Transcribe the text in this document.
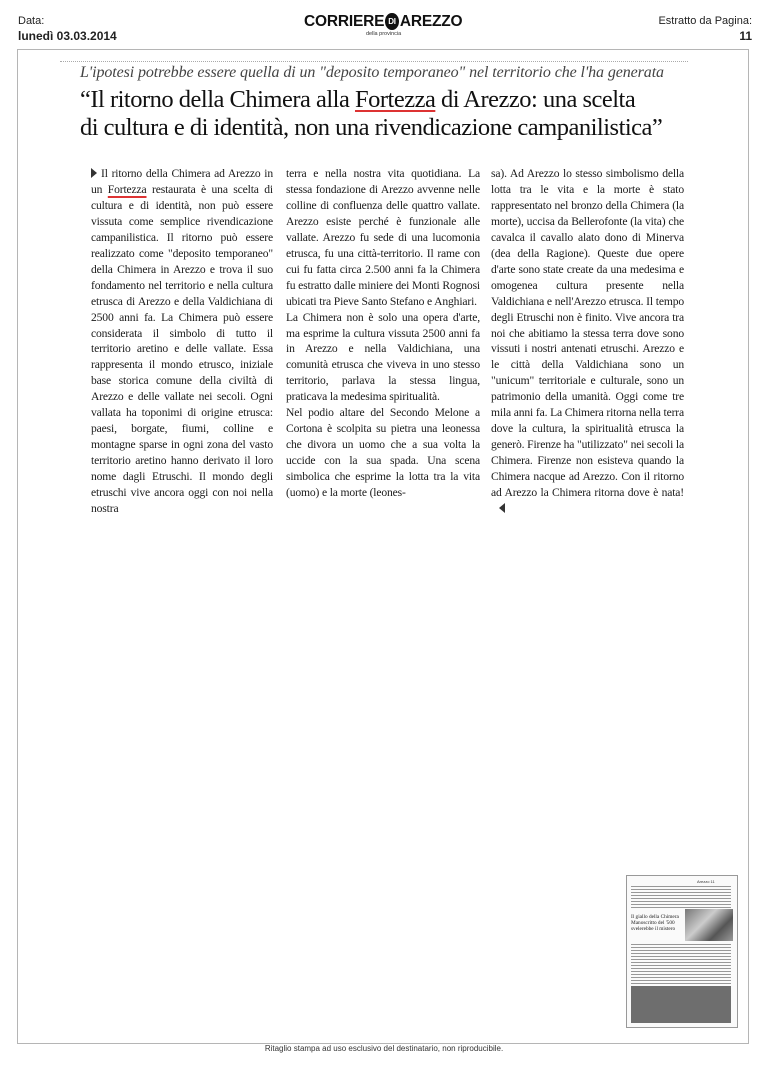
Data:
lunedì 03.03.2014
CORRIERE DI AREZZO
della provincia
Estratto da Pagina:
11
L'ipotesi potrebbe essere quella di un "deposito temporaneo" nel territorio che l'ha generata
“Il ritorno della Chimera alla Fortezza di Arezzo: una scelta
di cultura e di identità, non una rivendicazione campanilistica”

Il ritorno della Chimera ad Arezzo in un Fortezza restaurata è una scelta di cultura e di identità, non può essere vissuta come semplice rivendicazione campanilistica. Il ritorno può essere realizzato come "deposito temporaneo" della Chimera in Arezzo e trova il suo fondamento nel territorio e nella cultura etrusca di Arezzo e della Valdichiana di 2500 anni fa. La Chimera può essere considerata il simbolo di tutto il territorio aretino e delle vallate. Essa rappresenta il mondo etrusco, iniziale base storica comune della civiltà di Arezzo e delle vallate nei secoli. Ogni vallata ha toponimi di origine etrusca: paesi, borgate, fiumi, colline e montagne sparse in ogni zona del vasto territorio aretino hanno derivato il loro nome dagli Etruschi. Il mondo degli etruschi vive ancora oggi con noi nella nostra

terra e nella nostra vita quotidiana. La stessa fondazione di Arezzo avvenne nelle colline di confluenza delle quattro vallate. Arezzo esiste perché è funzionale alle vallate. Arezzo fu sede di una lucomonia etrusca, fu una città-territorio. Il rame con cui fu fatta circa 2.500 anni fa la Chimera fu estratto dalle miniere dei Monti Rognosi ubicati tra Pieve Santo Stefano e Anghiari.

La Chimera non è solo una opera d'arte, ma esprime la cultura vissuta 2500 anni fa in Arezzo e nella Valdichiana, una comunità etrusca che viveva in uno stesso territorio, parlava la stessa lingua, praticava la medesima spiritualità.

Nel podio altare del Secondo Melone a Cortona è scolpita su pietra una leonessa che divora un uomo che a sua volta la uccide con la sua spada. Una scena simbolica che esprime la lotta tra la vita (uomo) e la morte (leones-

sa). Ad Arezzo lo stesso simbolismo della lotta tra le vita e la morte è stato rappresentato nel bronzo della Chimera (la morte), uccisa da Bellerofonte (la vita) che cavalca il cavallo alato dono di Minerva (dea della Ragione). Queste due opere d'arte sono state create da una medesima e omogenea cultura presente nella Valdichiana e nell'Arezzo etrusca. Il tempo degli Etruschi non è finito. Vive ancora tra noi che abitiamo la stessa terra dove sono vissuti i nostri antenati etruschi. Arezzo e le città della Valdichiana sono un "unicum" territoriale e culturale, sono un patrimonio della umanità. Oggi come tre mila anni fa. La Chimera ritorna nella terra dove la cultura, la spiritualità etrusca la generò. Firenze ha "utilizzato" nei secoli la Chimera. Firenze non esisteva quando la Chimera nacque ad Arezzo. Con il ritorno ad Arezzo la Chimera ritorna dove è nata!

Arezzo 11
Il giallo della Chimera Manoscritto del '500 svelerebbe il mistero
Ritaglio stampa ad uso esclusivo del destinatario, non riproducibile.
